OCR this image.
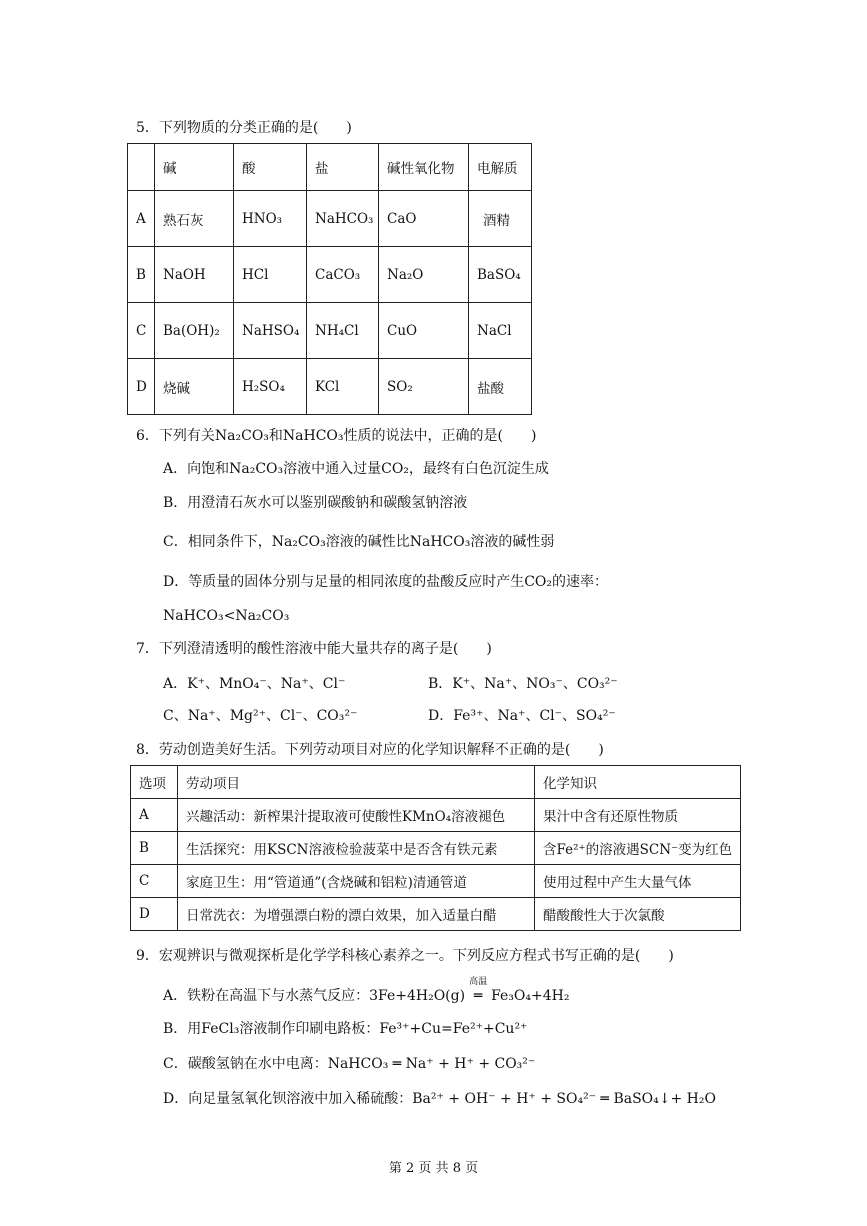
5．下列物质的分类正确的是(　　)
	碱	酸	盐	碱性氧化物	电解质
A	熟石灰	HNO₃	NaHCO₃	CaO	酒精
B	NaOH	HCl	CaCO₃	Na₂O	BaSO₄
C	Ba(OH)₂	NaHSO₄	NH₄Cl	CuO	NaCl
D	烧碱	H₂SO₄	KCl	SO₂	盐酸
6．下列有关Na₂CO₃和NaHCO₃性质的说法中，正确的是(　　)
A．向饱和Na₂CO₃溶液中通入过量CO₂，最终有白色沉淀生成
B．用澄清石灰水可以鉴别碳酸钠和碳酸氢钠溶液
C．相同条件下，Na₂CO₃溶液的碱性比NaHCO₃溶液的碱性弱
D．等质量的固体分别与足量的相同浓度的盐酸反应时产生CO₂的速率：
NaHCO₃<Na₂CO₃
7．下列澄清透明的酸性溶液中能大量共存的离子是(　　)
A．K⁺、MnO₄⁻、Na⁺、Cl⁻	B．K⁺、Na⁺、NO₃⁻、CO₃²⁻
C、Na⁺、Mg²⁺、Cl⁻、CO₃²⁻	D．Fe³⁺、Na⁺、Cl⁻、SO₄²⁻
8．劳动创造美好生活。下列劳动项目对应的化学知识解释不正确的是(　　)
选项	劳动项目	化学知识
A	兴趣活动：新榨果汁提取液可使酸性KMnO₄溶液褪色	果汁中含有还原性物质
B	生活探究：用KSCN溶液检验菠菜中是否含有铁元素	含Fe²⁺的溶液遇SCN⁻变为红色
C	家庭卫生：用“管道通”(含烧碱和铝粒)清通管道	使用过程中产生大量气体
D	日常洗衣：为增强漂白粉的漂白效果，加入适量白醋	醋酸酸性大于次氯酸
9．宏观辨识与微观探析是化学学科核心素养之一。下列反应方程式书写正确的是(　　)
A．铁粉在高温下与水蒸气反应：3Fe+4H₂O(g)
高温
═ Fe₃O₄+4H₂
B．用FeCl₃溶液制作印刷电路板：Fe³⁺+Cu=Fe²⁺+Cu²⁺
C．碳酸氢钠在水中电离：NaHCO₃ ═ Na⁺ + H⁺ + CO₃²⁻
D．向足量氢氧化钡溶液中加入稀硫酸：Ba²⁺ + OH⁻ + H⁺ + SO₄²⁻ ═ BaSO₄↓+ H₂O
第 2 页 共 8 页
